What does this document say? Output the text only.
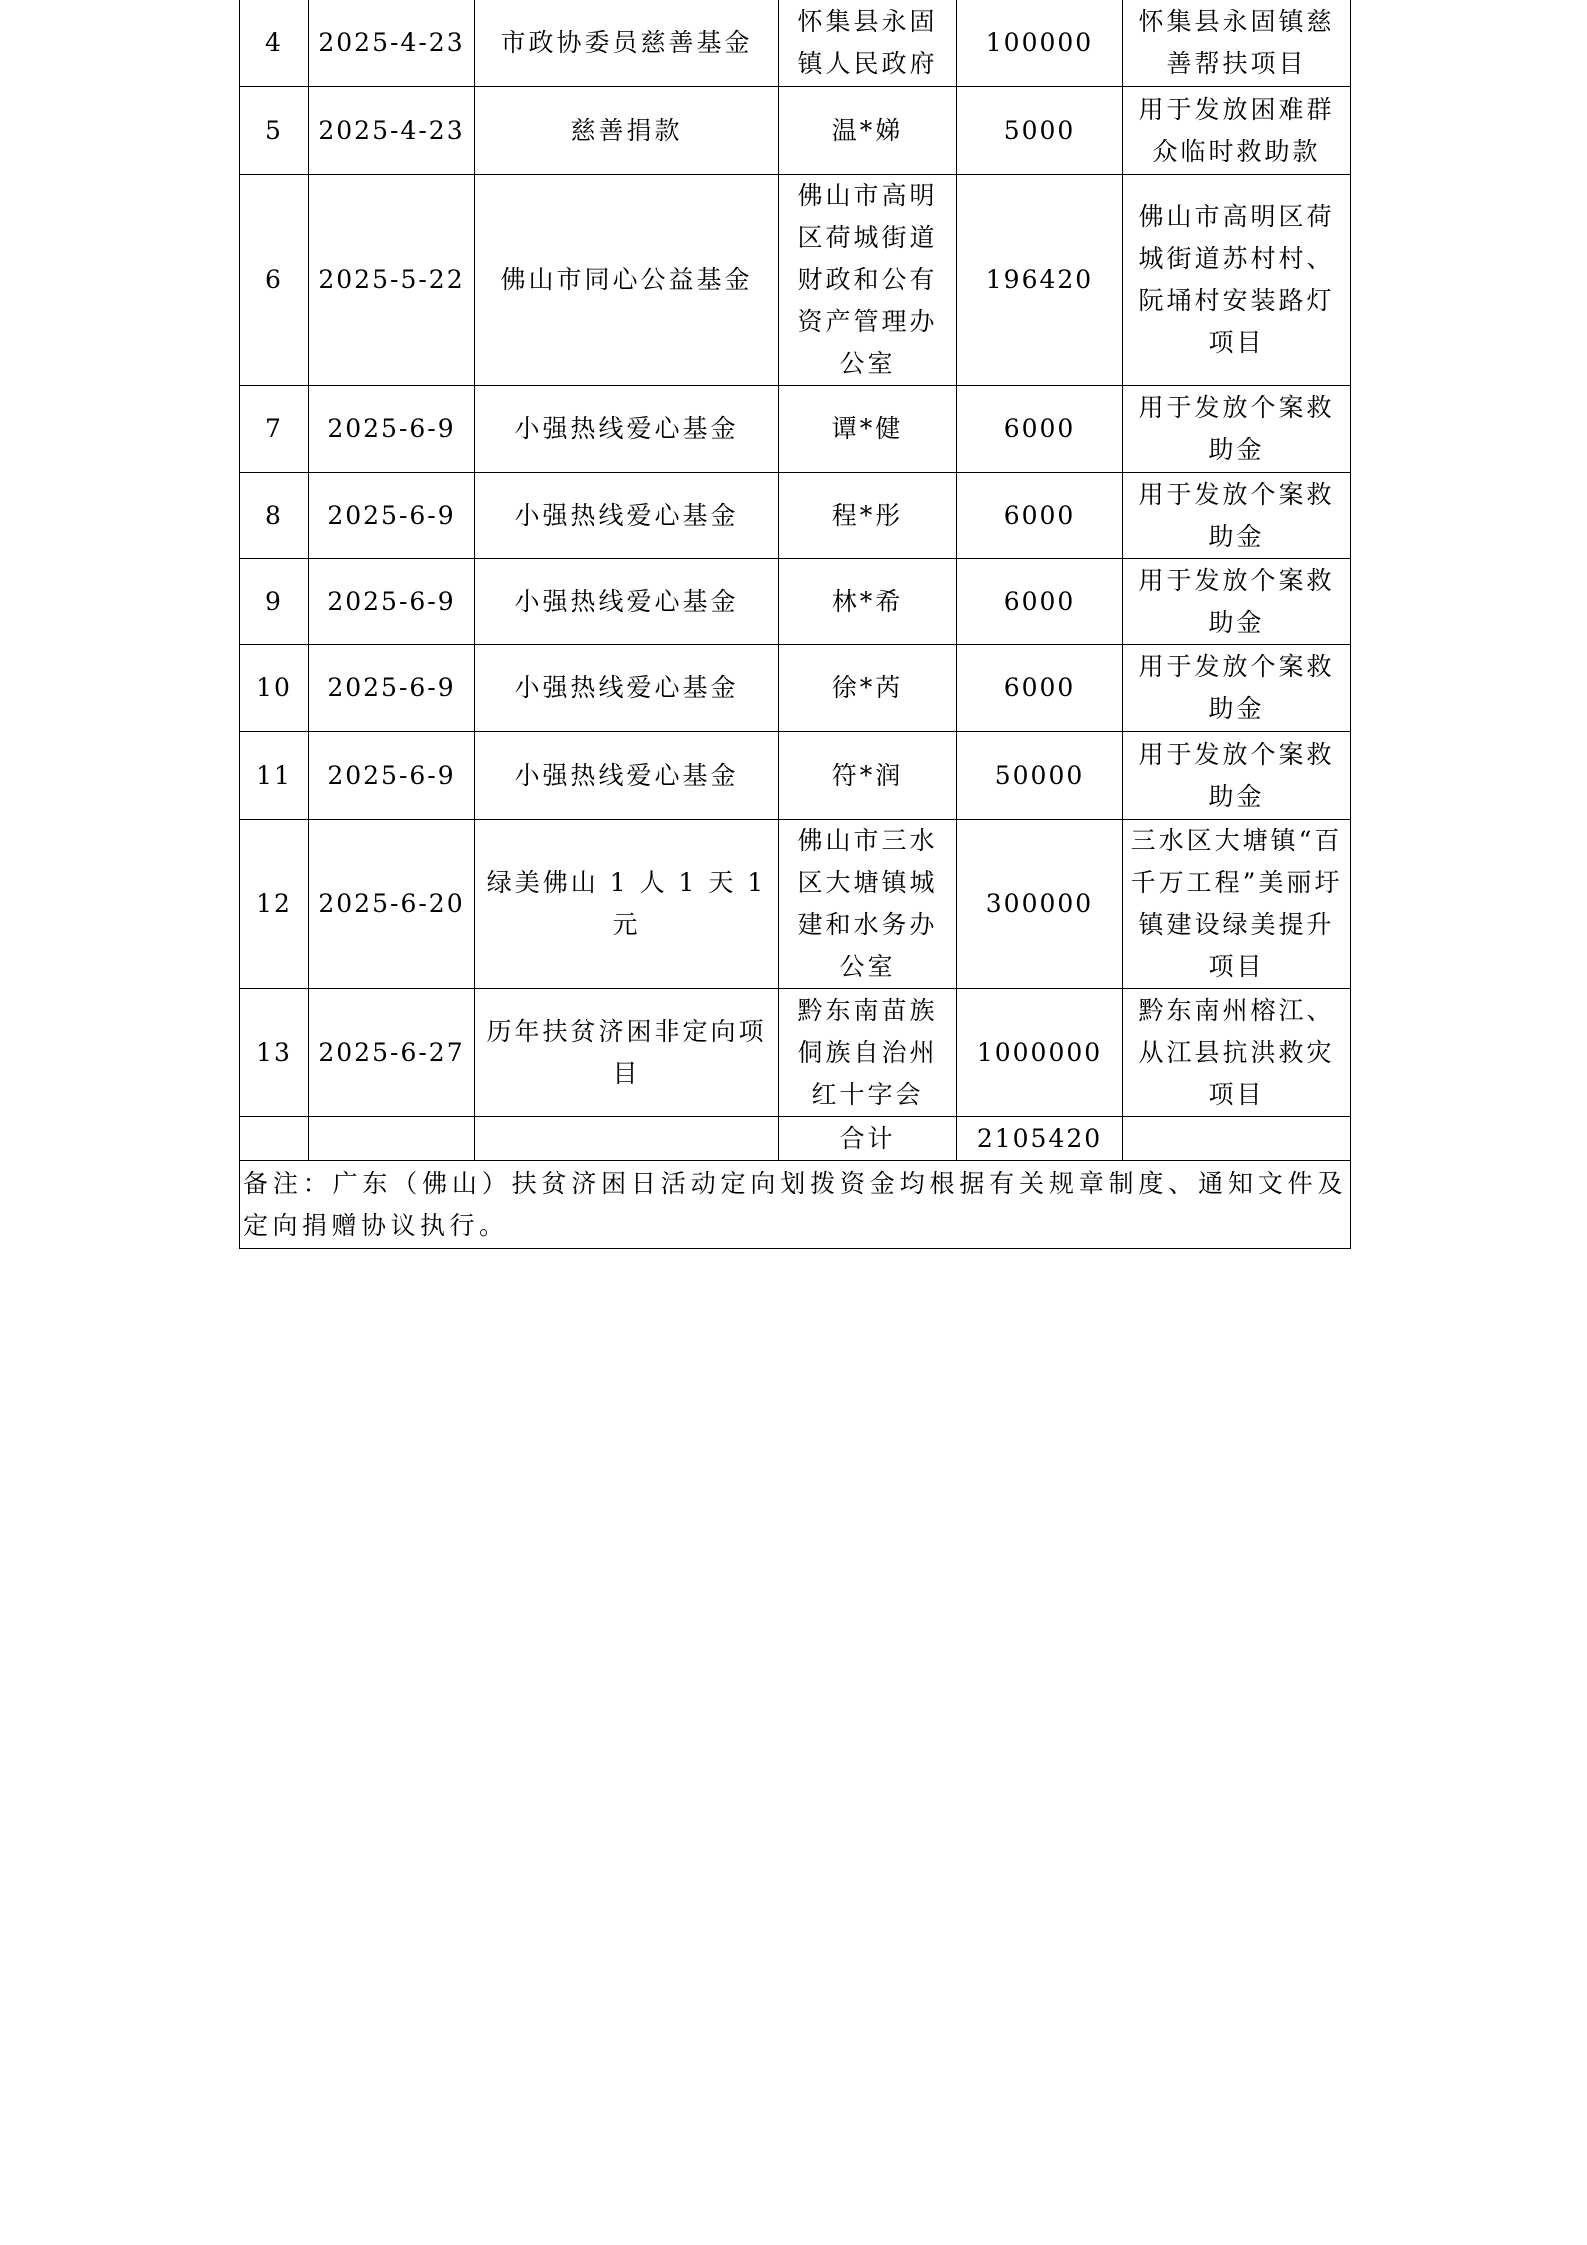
4	2025-4-23	市政协委员慈善基金	怀集县永固镇人民政府	100000	怀集县永固镇慈善帮扶项目
5	2025-4-23	慈善捐款	温*娣	5000	用于发放困难群众临时救助款
6	2025-5-22	佛山市同心公益基金	佛山市高明区荷城街道财政和公有资产管理办公室	196420	佛山市高明区荷城街道苏村村、阮埇村安装路灯项目
7	2025-6-9	小强热线爱心基金	谭*健	6000	用于发放个案救助金
8	2025-6-9	小强热线爱心基金	程*彤	6000	用于发放个案救助金
9	2025-6-9	小强热线爱心基金	林*希	6000	用于发放个案救助金
10	2025-6-9	小强热线爱心基金	徐*芮	6000	用于发放个案救助金
11	2025-6-9	小强热线爱心基金	符*润	50000	用于发放个案救助金
12	2025-6-20	绿美佛山 1 人 1 天 1 元	佛山市三水区大塘镇城建和水务办公室	300000	三水区大塘镇“百千万工程”美丽圩镇建设绿美提升项目
13	2025-6-27	历年扶贫济困非定向项目	黔东南苗族侗族自治州红十字会	1000000	黔东南州榕江、从江县抗洪救灾项目
			合计	2105420	
备注：广东（佛山）扶贫济困日活动定向划拨资金均根据有关规章制度、通知文件及定向捐赠协议执行。					
